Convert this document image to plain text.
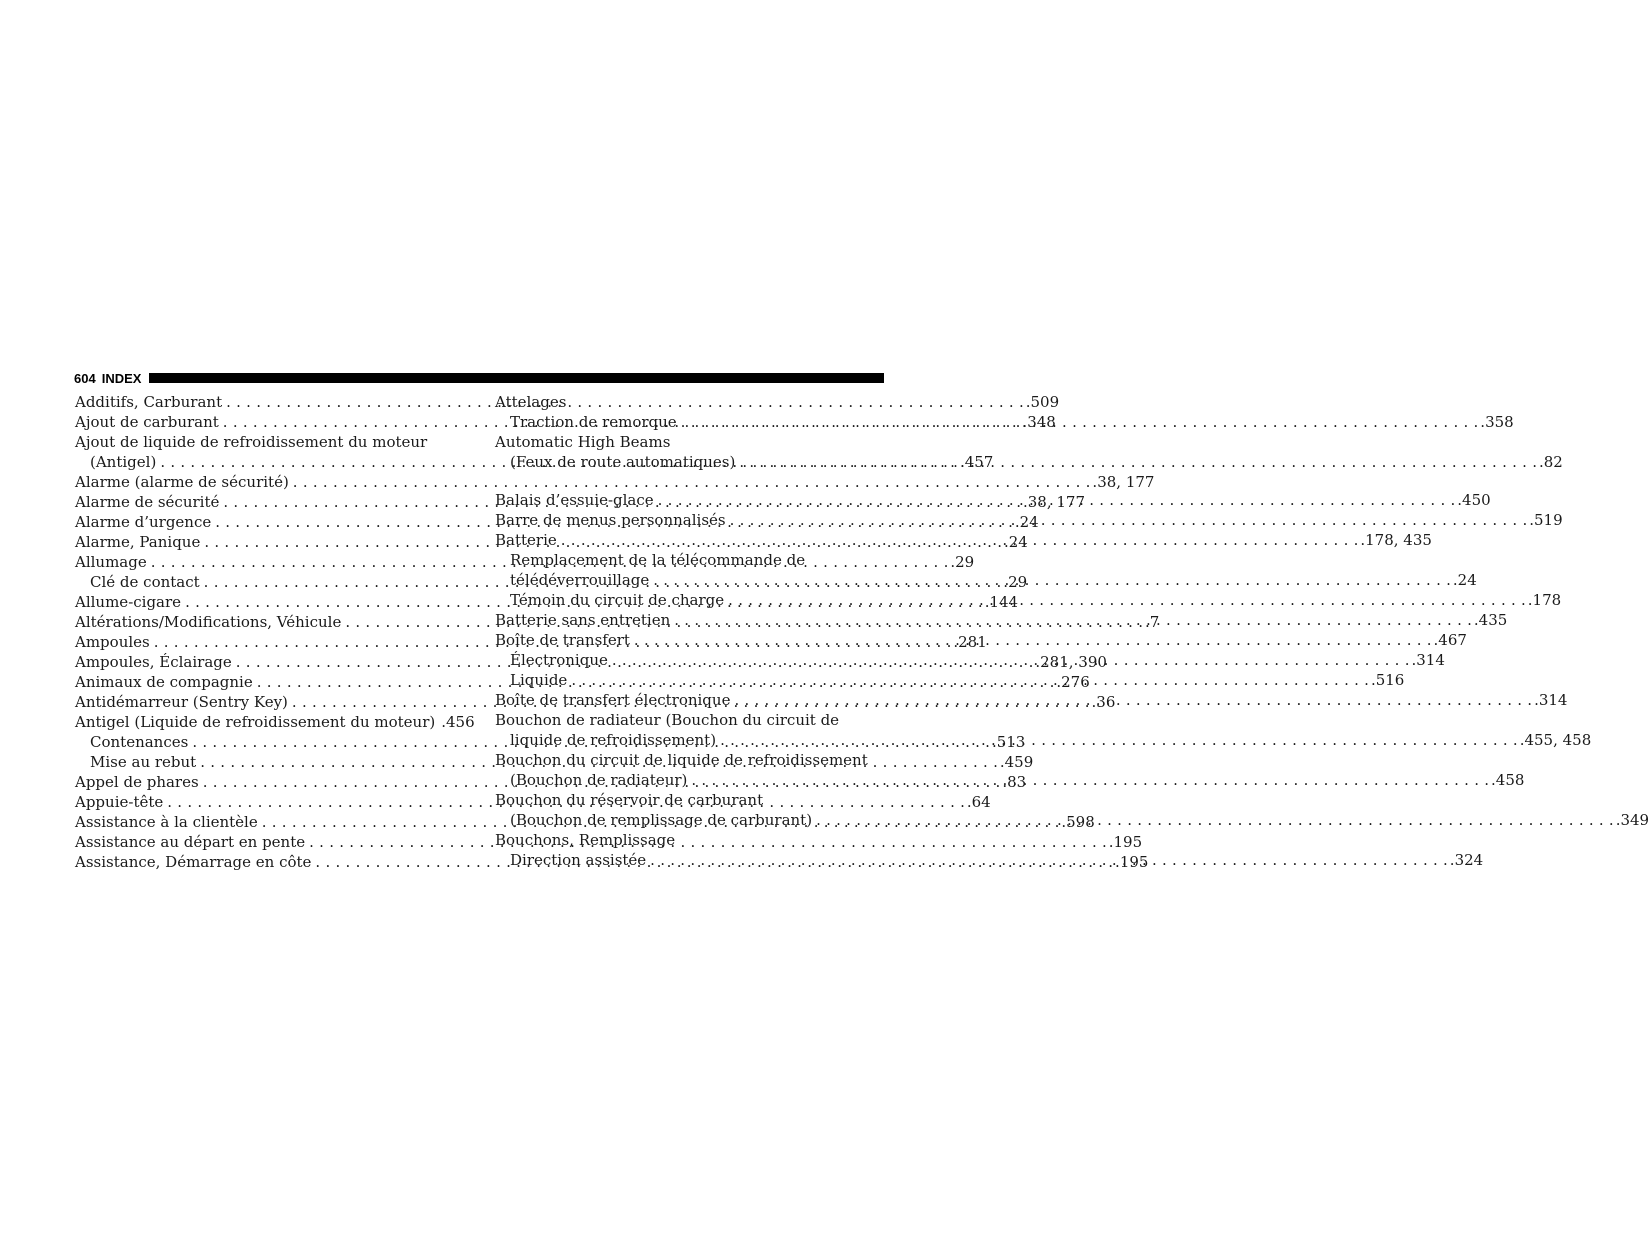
604 INDEX
Additifs, Carburant . . .	.509
Ajout de carburant . . .	.348
Ajout de liquide de refroidissement du moteur
(Antigel) . . .	.457
Alarme (alarme de sécurité) . . .	.38, 177
Alarme de sécurité . . .	.38, 177
Alarme d’urgence . . .	.24
Alarme, Panique . . .	.24
Allumage . . .	.29
Clé de contact . . .	.29
Allume-cigare . . .	.144
Altérations/Modifications, Véhicule . . .	.7
Ampoules . . .	.281
Ampoules, Éclairage . . .	.281, 390
Animaux de compagnie . . .	.276
Antidémarreur (Sentry Key) . . .	.36
Antigel (Liquide de refroidissement du moteur) .456
Contenances . . .	.513
Mise au rebut . . .	.459
Appel de phares . . .	.83
Appuie-tête . . .	.64
Assistance à la clientèle . . .	.598
Assistance au départ en pente . . .	.195
Assistance, Démarrage en côte . . .	.195
Attelages
Traction de remorque . . .	.358
Automatic High Beams
(Feux de route automatiques) . . .	.82
Balais d’essuie-glace . . .	.450
Barre de menus personnalisés . . .	.519
Batterie . . .	.178, 435
Remplacement de la télécommande de
télédéverrouillage . . .	.24
Témoin du circuit de charge . . .	.178
Batterie sans entretien . . .	.435
Boîte de transfert . . .	.467
Électronique . . .	.314
Liquide . . .	.516
Boîte de transfert électronique . . .	.314
Bouchon de radiateur (Bouchon du circuit de
liquide de refroidissement) . . .	.455, 458
Bouchon du circuit de liquide de refroidissement
(Bouchon de radiateur) . . .	.458
Bouchon du réservoir de carburant
(Bouchon de remplissage de carburant) . . .	.349
Bouchons, Remplissage
Direction assistée . . .	.324
